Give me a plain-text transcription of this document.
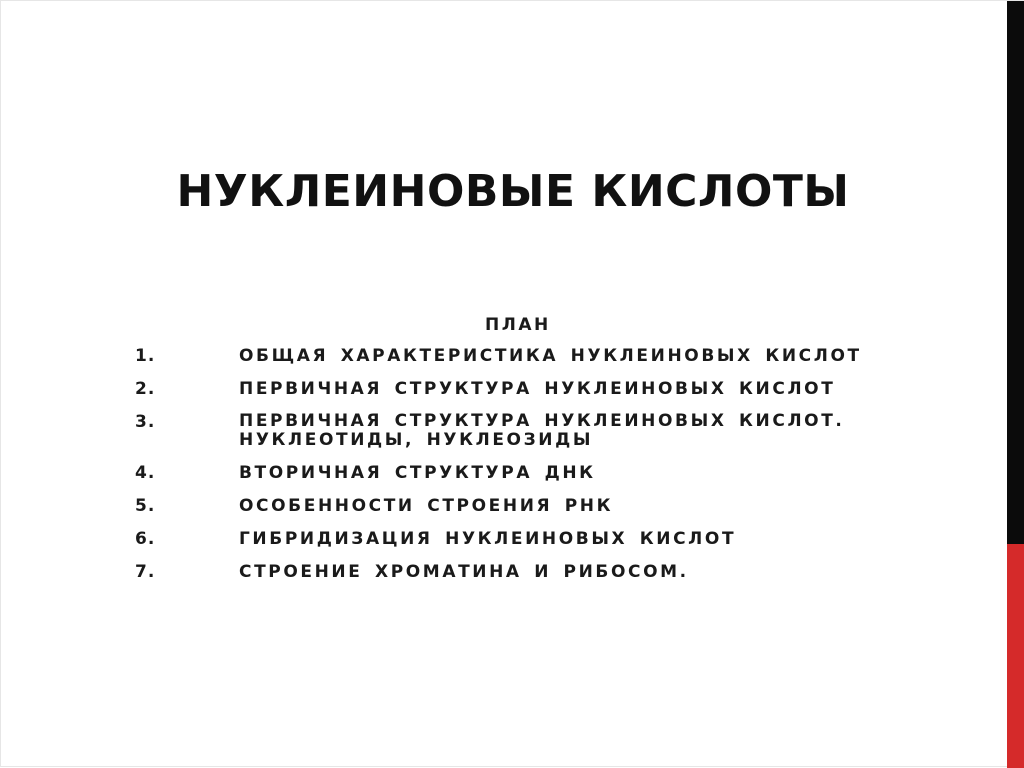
НУКЛЕИНОВЫЕ КИСЛОТЫ
ПЛАН
1.	ОБЩАЯ ХАРАКТЕРИСТИКА НУКЛЕИНОВЫХ КИСЛОТ
2.	ПЕРВИЧНАЯ СТРУКТУРА НУКЛЕИНОВЫХ КИСЛОТ
3.	ПЕРВИЧНАЯ СТРУКТУРА НУКЛЕИНОВЫХ КИСЛОТ. НУКЛЕОТИДЫ, НУКЛЕОЗИДЫ
4.	ВТОРИЧНАЯ СТРУКТУРА ДНК
5.	ОСОБЕННОСТИ СТРОЕНИЯ РНК
6.	ГИБРИДИЗАЦИЯ НУКЛЕИНОВЫХ КИСЛОТ
7.	СТРОЕНИЕ ХРОМАТИНА И РИБОСОМ.
